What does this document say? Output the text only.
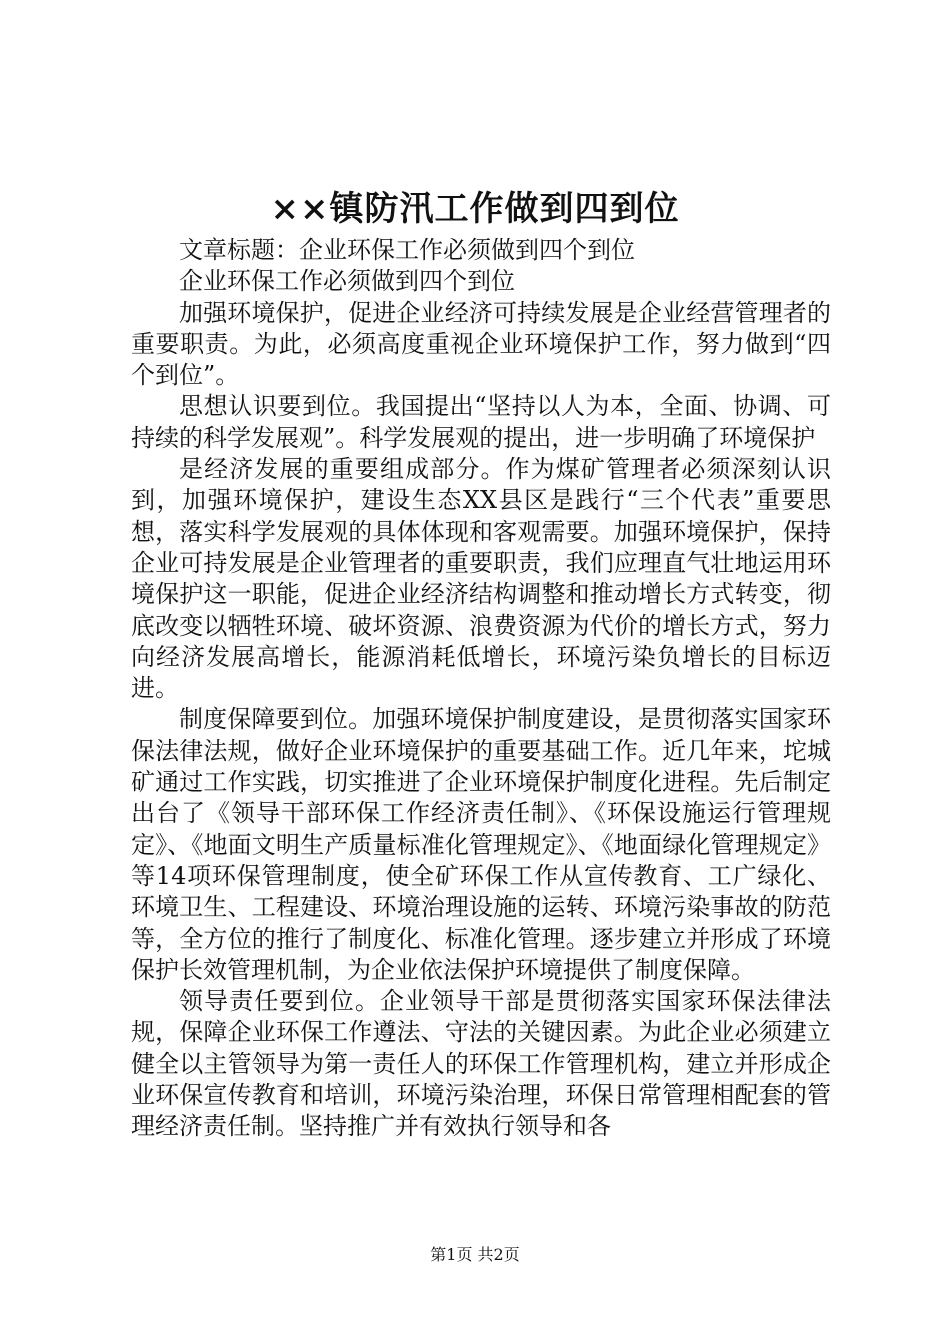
××镇防汛工作做到四到位

文章标题：企业环保工作必须做到四个到位

企业环保工作必须做到四个到位

加强环境保护，促进企业经济可持续发展是企业经营管理者的重要职责。为此，必须高度重视企业环境保护工作，努力做到“四个到位”。

思想认识要到位。我国提出“坚持以人为本，全面、协调、可持续的科学发展观”。科学发展观的提出，进一步明确了环境保护

是经济发展的重要组成部分。作为煤矿管理者必须深刻认识到，加强环境保护，建设生态XX县区是践行“三个代表”重要思想，落实科学发展观的具体体现和客观需要。加强环境保护，保持企业可持发展是企业管理者的重要职责，我们应理直气壮地运用环境保护这一职能，促进企业经济结构调整和推动增长方式转变，彻底改变以牺牲环境、破坏资源、浪费资源为代价的增长方式，努力向经济发展高增长，能源消耗低增长，环境污染负增长的目标迈进。

制度保障要到位。加强环境保护制度建设，是贯彻落实国家环保法律法规，做好企业环境保护的重要基础工作。近几年来，坨城矿通过工作实践，切实推进了企业环境保护制度化进程。先后制定出台了《领导干部环保工作经济责任制》、《环保设施运行管理规定》、《地面文明生产质量标准化管理规定》、《地面绿化管理规定》等14项环保管理制度，使全矿环保工作从宣传教育、工广绿化、环境卫生、工程建设、环境治理设施的运转、环境污染事故的防范等，全方位的推行了制度化、标准化管理。逐步建立并形成了环境保护长效管理机制，为企业依法保护环境提供了制度保障。

领导责任要到位。企业领导干部是贯彻落实国家环保法律法规，保障企业环保工作遵法、守法的关键因素。为此企业必须建立健全以主管领导为第一责任人的环保工作管理机构，建立并形成企业环保宣传教育和培训，环境污染治理，环保日常管理相配套的管理经济责任制。坚持推广并有效执行领导和各

第1页 共2页
